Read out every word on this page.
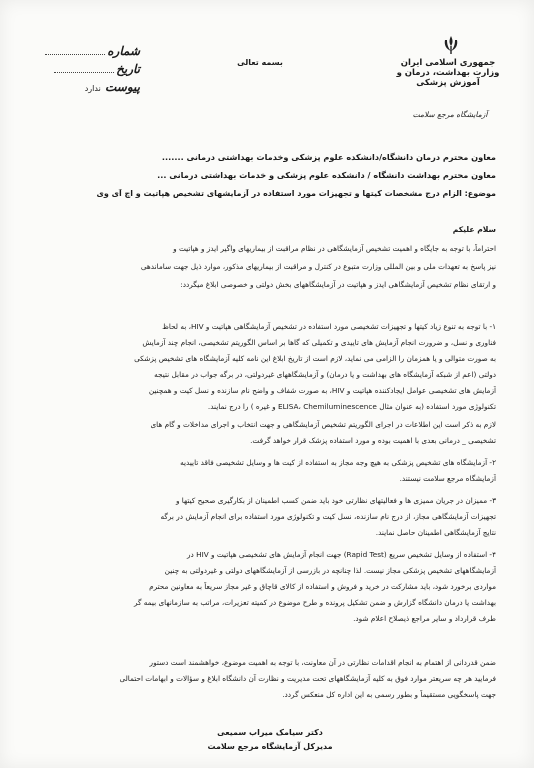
جمهوری اسلامی ایران
وزارت بهداشت، درمان و آموزش پزشکی
آزمایشگاه مرجع سلامت
بسمه تعالی
شماره
تاریخ
پیوست ندارد
معاون محترم درمان دانشگاه/دانشکده علوم پزشکی وخدمات بهداشتی درمانی .......
معاون محترم بهداشت دانشگاه / دانشکده علوم پزشکی و خدمات بهداشتی درمانی ...
موضوع: الزام درج مشخصات کیتها و تجهیزات مورد استفاده در آزمایشهای تشخیص هپاتیت و اچ آی وی
سلام علیکم
احتراماً، با توجه به جایگاه و اهمیت تشخیص آزمایشگاهی در نظام مراقبت از بیماریهای واگیر ایدز و هپاتیت و
نیز پاسخ به تعهدات ملی و بین المللی وزارت متبوع در کنترل و مراقبت از بیماریهای مذکور، موارد ذیل جهت ساماندهی
و ارتقای نظام تشخیص آزمایشگاهی ایدز و هپاتیت در آزمایشگاههای بخش دولتی و خصوصی ابلاغ میگردد:
۱- با توجه به تنوع زیاد کیتها و تجهیزات تشخیصی مورد استفاده در تشخیص آزمایشگاهی هپاتیت و HIV، به لحاظ
فناوری و نسل، و ضرورت انجام آزمایش های تاییدی و تکمیلی که گاها بر اساس الگوریتم تشخیصی، انجام چند آزمایش
به صورت متوالی و یا همزمان را الزامی می نماید، لازم است از تاریخ ابلاغ این نامه کلیه آزمایشگاه های تشخیص پزشکی
دولتی (اعم از شبکه آزمایشگاه های بهداشت و یا درمان) و آزمایشگاههای غیردولتی، در برگه جواب در مقابل نتیجه
آزمایش های تشخیصی عوامل ایجادکننده هپاتیت و HIV، به صورت شفاف و واضح نام سازنده و نسل کیت و همچنین
تکنولوژی مورد استفاده (به عنوان مثال ELISA، Chemiluminescence و غیره ) را درج نمایند.
لازم به ذکر است این اطلاعات در اجرای الگوریتم تشخیص آزمایشگاهی و جهت انتخاب و اجرای مداخلات و گام های
تشخیصی _ درمانی بعدی با اهمیت بوده و مورد استفاده پزشک قرار خواهد گرفت.
۲- آزمایشگاه های تشخیص پزشکی به هیچ وجه مجاز به استفاده از کیت ها و وسایل تشخیصی فاقد تاییدیه
آزمایشگاه مرجع سلامت نیستند.
۳- ممیزان در جریان ممیزی ها و فعالیتهای نظارتی خود باید ضمن کسب اطمینان از بکارگیری صحیح کیتها و
تجهیزات آزمایشگاهی مجاز، از درج نام سازنده، نسل کیت و تکنولوژی مورد استفاده برای انجام آزمایش در برگه
نتایج آزمایشگاهی اطمینان حاصل نمایند.
۴- استفاده از وسایل تشخیص سریع (Rapid Test) جهت انجام آزمایش های تشخیصی هپاتیت و HIV در
آزمایشگاههای تشخیص پزشکی مجاز نیست. لذا چنانچه در بازرسی از آزمایشگاههای دولتی و غیردولتی به چنین
مواردی برخورد شود، باید مشارکت در خرید و فروش و استفاده از کالای قاچاق و غیر مجاز سریعاً به معاونین محترم
بهداشت یا درمان دانشگاه گزارش و ضمن تشکیل پرونده و طرح موضوع در کمیته تعزیرات، مراتب به سازمانهای بیمه گر
طرف قرارداد و سایر مراجع ذیصلاح اعلام شود.
ضمن قدردانی از اهتمام به انجام اقدامات نظارتی در آن معاونت، با توجه به اهمیت موضوع، خواهشمند است دستور
فرمایید هر چه سریعتر موارد فوق به کلیه آزمایشگاههای تحت مدیریت و نظارت آن دانشگاه ابلاغ و سؤالات و ابهامات احتمالی
جهت پاسخگویی مستقیماً و بطور رسمی به این اداره کل منعکس گردد.
دکتر سیامک میراب سمیعی
مدیرکل آزمایشگاه مرجع سلامت
